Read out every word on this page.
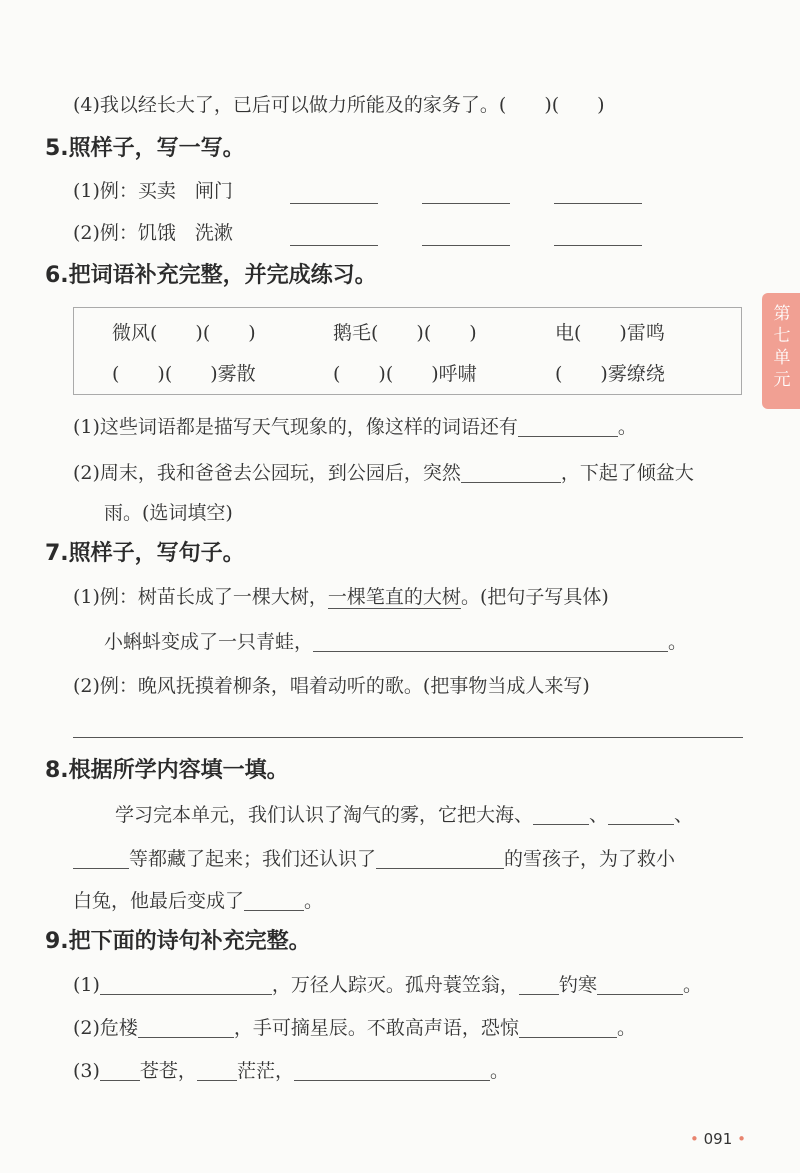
(4)我以经长大了，已后可以做力所能及的家务了。(　　)(　　)
5.照样子，写一写。
(1)例：买卖　闸门
(2)例：饥饿　洗漱
6.把词语补充完整，并完成练习。
微风(　　)(　　)	鹅毛(　　)(　　)	电(　　)雷鸣
(　　)(　　)雾散	(　　)(　　)呼啸	(　　)雾缭绕
(1)这些词语都是描写天气现象的，像这样的词语还有	。
(2)周末，我和爸爸去公园玩，到公园后，突然	，下起了倾盆大
雨。(选词填空)
7.照样子，写句子。
(1)例：树苗长成了一棵大树，一棵笔直的大树。(把句子写具体)
小蝌蚪变成了一只青蛙，	。
(2)例：晚风抚摸着柳条，唱着动听的歌。(把事物当成人来写)
8.根据所学内容填一填。
学习完本单元，我们认识了淘气的雾，它把大海、	、	、
等都藏了起来；我们还认识了	的雪孩子，为了救小
白兔，他最后变成了	。
9.把下面的诗句补充完整。
(1)	，万径人踪灭。孤舟蓑笠翁， 钓寒	。
(2)危楼	，手可摘星辰。不敢高声语，恐惊	。
(3) 苍苍， 茫茫，	。
第七单元
• 091 •
